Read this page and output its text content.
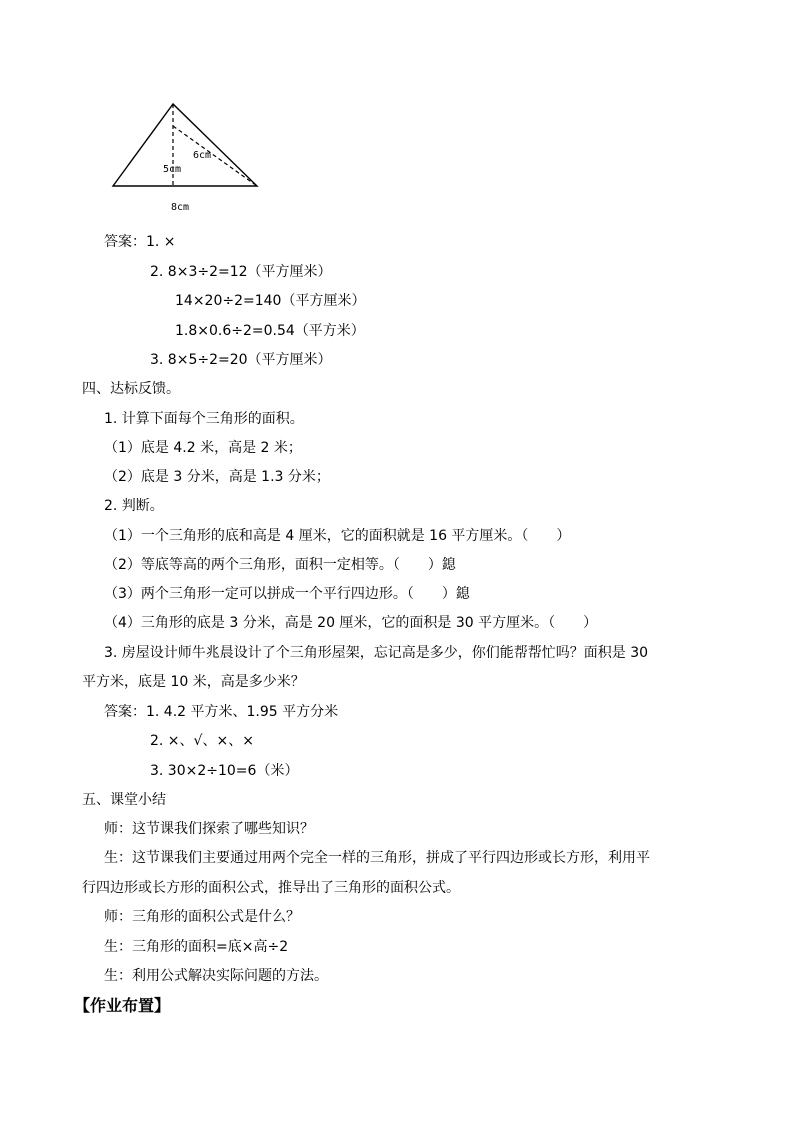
6cm
5cm
8cm
答案：1. ×
2. 8×3÷2=12（平方厘米）
14×20÷2=140（平方厘米）
1.8×0.6÷2=0.54（平方米）
3. 8×5÷2=20（平方厘米）
四、达标反馈。
1. 计算下面每个三角形的面积。
（1）底是 4.2 米，高是 2 米；
（2）底是 3 分米，高是 1.3 分米；
2. 判断。
（1）一个三角形的底和高是 4 厘米，它的面积就是 16 平方厘米。（　　）
（2）等底等高的两个三角形，面积一定相等。（　　）鎴
（3）两个三角形一定可以拼成一个平行四边形。（　　）鎴
（4）三角形的底是 3 分米，高是 20 厘米，它的面积是 30 平方厘米。（　　）
3. 房屋设计师牛兆晨设计了个三角形屋架，忘记高是多少，你们能帮帮忙吗？面积是 30
平方米，底是 10 米，高是多少米？
答案：1. 4.2 平方米、1.95 平方分米
2. ×、√、×、×
3. 30×2÷10=6（米）
五、课堂小结
师：这节课我们探索了哪些知识？
生：这节课我们主要通过用两个完全一样的三角形，拼成了平行四边形或长方形，利用平
行四边形或长方形的面积公式，推导出了三角形的面积公式。
师：三角形的面积公式是什么？
生：三角形的面积=底×高÷2
生：利用公式解决实际问题的方法。
【作业布置】
